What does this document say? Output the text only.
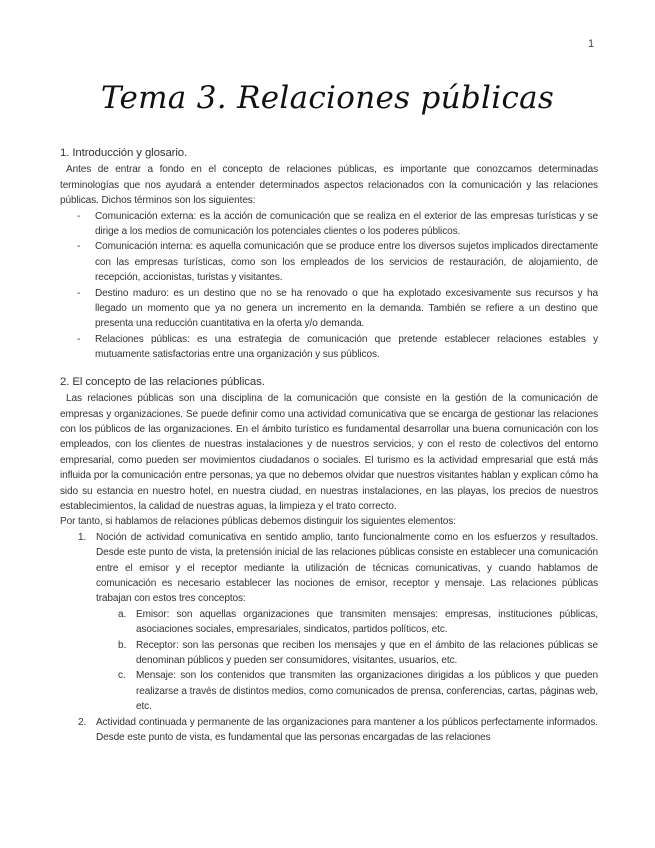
1
Tema 3. Relaciones públicas
1. Introducción y glosario.

Antes de entrar a fondo en el concepto de relaciones públicas, es importante que conozcamos determinadas terminologías que nos ayudará a entender determinados aspectos relacionados con la comunicación y las relaciones públicas. Dichos términos son los siguientes:

- Comunicación externa: es la acción de comunicación que se realiza en el exterior de las empresas turísticas y se dirige a los medios de comunicación los potenciales clientes o los poderes públicos.
- Comunicación interna: es aquella comunicación que se produce entre los diversos sujetos implicados directamente con las empresas turísticas, como son los empleados de los servicios de restauración, de alojamiento, de recepción, accionistas, turistas y visitantes.
- Destino maduro: es un destino que no se ha renovado o que ha explotado excesivamente sus recursos y ha llegado un momento que ya no genera un incremento en la demanda. También se refiere a un destino que presenta una reducción cuantitativa en la oferta y/o demanda.
- Relaciones públicas: es una estrategia de comunicación que pretende establecer relaciones estables y mutuamente satisfactorias entre una organización y sus públicos.
2. El concepto de las relaciones públicas.

Las relaciones públicas son una disciplina de la comunicación que consiste en la gestión de la comunicación de empresas y organizaciones. Se puede definir como una actividad comunicativa que se encarga de gestionar las relaciones con los públicos de las organizaciones. En el ámbito turístico es fundamental desarrollar una buena comunicación con los empleados, con los clientes de nuestras instalaciones y de nuestros servicios, y con el resto de colectivos del entorno empresarial, como pueden ser movimientos ciudadanos o sociales. El turismo es la actividad empresarial que está más influida por la comunicación entre personas, ya que no debemos olvidar que nuestros visitantes hablan y explican cómo ha sido su estancia en nuestro hotel, en nuestra ciudad, en nuestras instalaciones, en las playas, los precios de nuestros establecimientos, la calidad de nuestras aguas, la limpieza y el trato correcto.

Por tanto, si hablamos de relaciones públicas debemos distinguir los siguientes elementos:

1. Noción de actividad comunicativa en sentido amplio, tanto funcionalmente como en los esfuerzos y resultados. Desde este punto de vista, la pretensión inicial de las relaciones públicas consiste en establecer una comunicación entre el emisor y el receptor mediante la utilización de técnicas comunicativas, y cuando hablamos de comunicación es necesario establecer las nociones de emisor, receptor y mensaje. Las relaciones públicas trabajan con estos tres conceptos:
a. Emisor: son aquellas organizaciones que transmiten mensajes: empresas, instituciones públicas, asociaciones sociales, empresariales, sindicatos, partidos políticos, etc.
b. Receptor: son las personas que reciben los mensajes y que en el ámbito de las relaciones públicas se denominan públicos y pueden ser consumidores, visitantes, usuarios, etc.
c. Mensaje: son los contenidos que transmiten las organizaciones dirigidas a los públicos y que pueden realizarse a través de distintos medios, como comunicados de prensa, conferencias, cartas, páginas web, etc.
2. Actividad continuada y permanente de las organizaciones para mantener a los públicos perfectamente informados. Desde este punto de vista, es fundamental que las personas encargadas de las relaciones
